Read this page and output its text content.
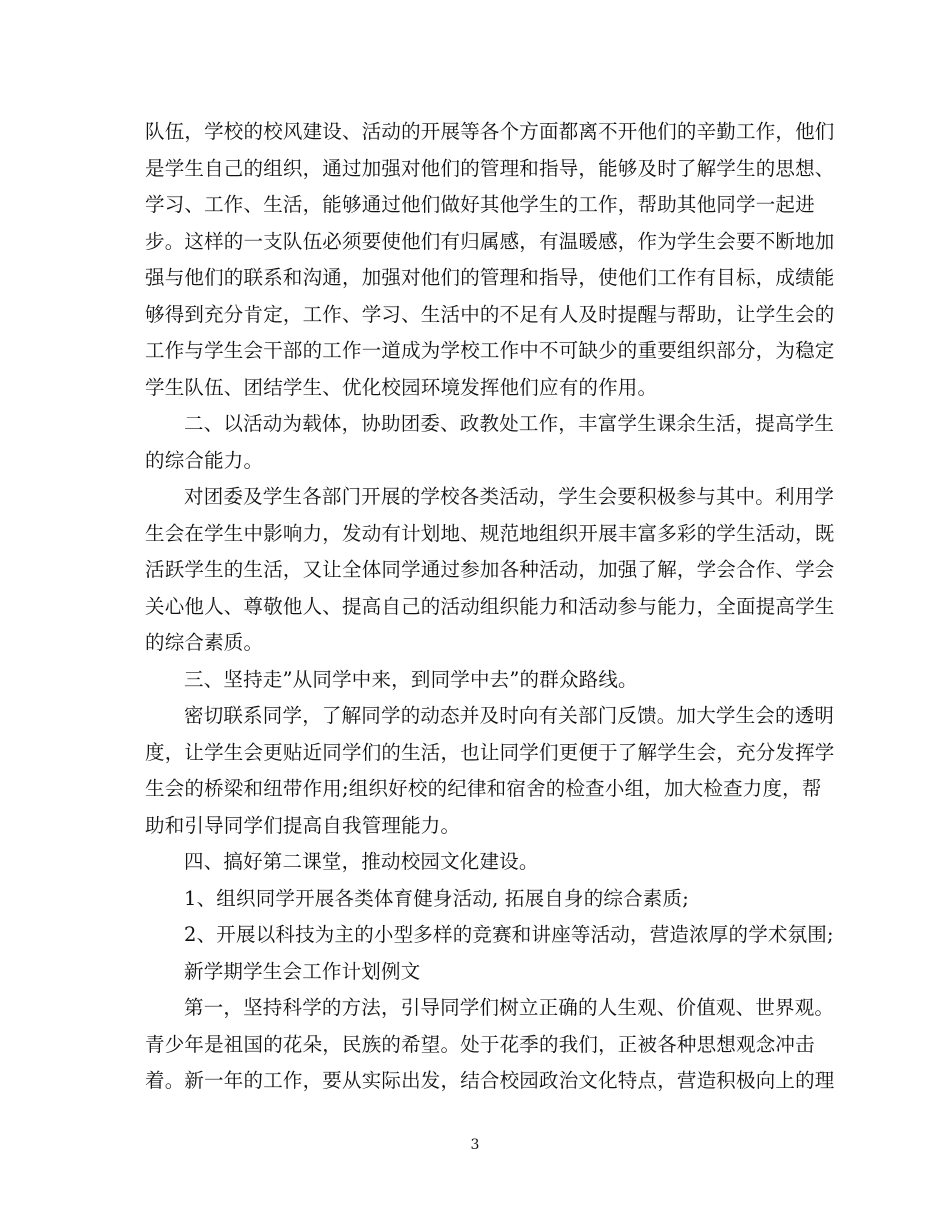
队伍，学校的校风建设、活动的开展等各个方面都离不开他们的辛勤工作，他们
是学生自己的组织，通过加强对他们的管理和指导，能够及时了解学生的思想、
学习、工作、生活，能够通过他们做好其他学生的工作，帮助其他同学一起进
步。这样的一支队伍必须要使他们有归属感，有温暖感，作为学生会要不断地加
强与他们的联系和沟通，加强对他们的管理和指导，使他们工作有目标，成绩能
够得到充分肯定，工作、学习、生活中的不足有人及时提醒与帮助，让学生会的
工作与学生会干部的工作一道成为学校工作中不可缺少的重要组织部分，为稳定
学生队伍、团结学生、优化校园环境发挥他们应有的作用。
二、以活动为载体，协助团委、政教处工作，丰富学生课余生活，提高学生
的综合能力。
对团委及学生各部门开展的学校各类活动，学生会要积极参与其中。利用学
生会在学生中影响力，发动有计划地、规范地组织开展丰富多彩的学生活动，既
活跃学生的生活，又让全体同学通过参加各种活动，加强了解，学会合作、学会
关心他人、尊敬他人、提高自己的活动组织能力和活动参与能力，全面提高学生
的综合素质。
三、坚持走”从同学中来，到同学中去”的群众路线。
密切联系同学，了解同学的动态并及时向有关部门反馈。加大学生会的透明
度，让学生会更贴近同学们的生活，也让同学们更便于了解学生会，充分发挥学
生会的桥梁和纽带作用;组织好校的纪律和宿舍的检查小组，加大检查力度，帮
助和引导同学们提高自我管理能力。
四、搞好第二课堂，推动校园文化建设。
1、组织同学开展各类体育健身活动, 拓展自身的综合素质;
2、开展以科技为主的小型多样的竞赛和讲座等活动，营造浓厚的学术氛围;
新学期学生会工作计划例文
第一，坚持科学的方法，引导同学们树立正确的人生观、价值观、世界观。
青少年是祖国的花朵，民族的希望。处于花季的我们，正被各种思想观念冲击
着。新一年的工作，要从实际出发，结合校园政治文化特点，营造积极向上的理
3
